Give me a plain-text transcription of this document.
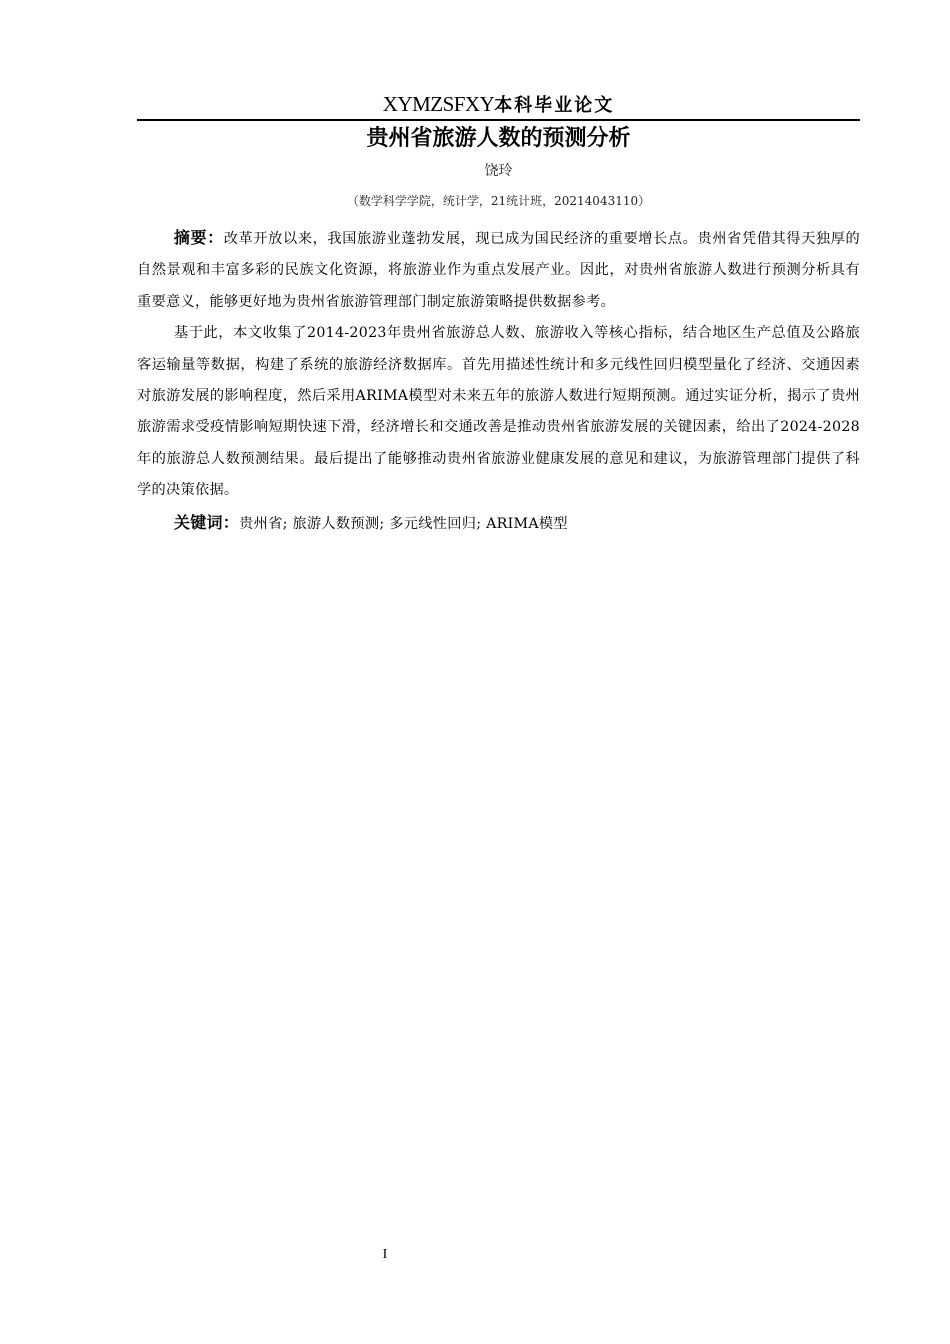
XYMZSFXY本科毕业论文
贵州省旅游人数的预测分析
饶玲
（数学科学学院，统计学，21统计班，20214043110）

摘要：改革开放以来，我国旅游业蓬勃发展，现已成为国民经济的重要增长点。贵州省凭借其得天独厚的自然景观和丰富多彩的民族文化资源，将旅游业作为重点发展产业。因此，对贵州省旅游人数进行预测分析具有重要意义，能够更好地为贵州省旅游管理部门制定旅游策略提供数据参考。

基于此，本文收集了2014-2023年贵州省旅游总人数、旅游收入等核心指标，结合地区生产总值及公路旅客运输量等数据，构建了系统的旅游经济数据库。首先用描述性统计和多元线性回归模型量化了经济、交通因素对旅游发展的影响程度，然后采用ARIMA模型对未来五年的旅游人数进行短期预测。通过实证分析，揭示了贵州旅游需求受疫情影响短期快速下滑，经济增长和交通改善是推动贵州省旅游发展的关键因素，给出了2024-2028年的旅游总人数预测结果。最后提出了能够推动贵州省旅游业健康发展的意见和建议，为旅游管理部门提供了科学的决策依据。

关键词：贵州省; 旅游人数预测; 多元线性回归; ARIMA模型

I
